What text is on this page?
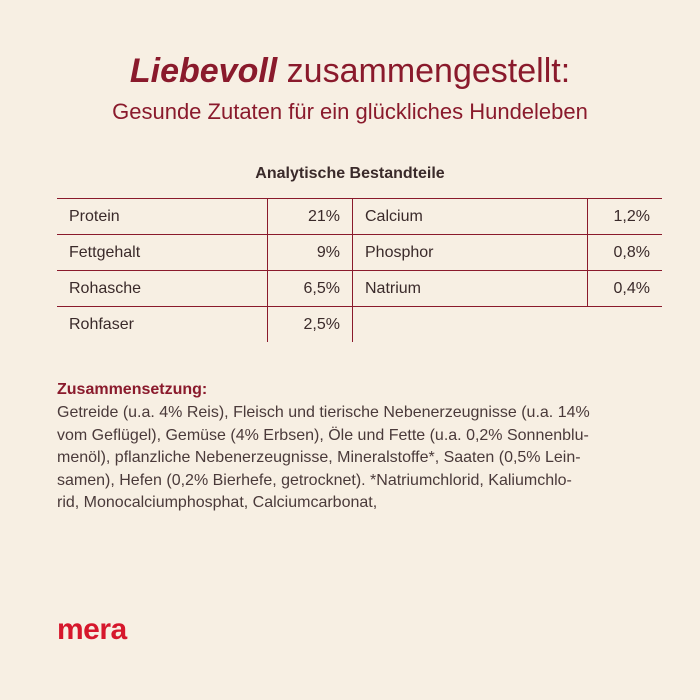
Liebevoll zusammengestellt:
Gesunde Zutaten für ein glückliches Hundeleben
Analytische Bestandteile
Protein	21%	Calcium	1,2%
Fettgehalt	9%	Phosphor	0,8%
Rohasche	6,5%	Natrium	0,4%
Rohfaser	2,5%		
Zusammensetzung:
Getreide (u.a. 4% Reis), Fleisch und tierische Nebenerzeugnisse (u.a. 14%
vom Geflügel), Gemüse (4% Erbsen), Öle und Fette (u.a. 0,2% Sonnenblu-
menöl), pflanzliche Nebenerzeugnisse, Mineralstoffe*, Saaten (0,5% Lein-
samen), Hefen (0,2% Bierhefe, getrocknet). *Natriumchlorid, Kaliumchlo-
rid, Monocalciumphosphat, Calciumcarbonat,
mera
